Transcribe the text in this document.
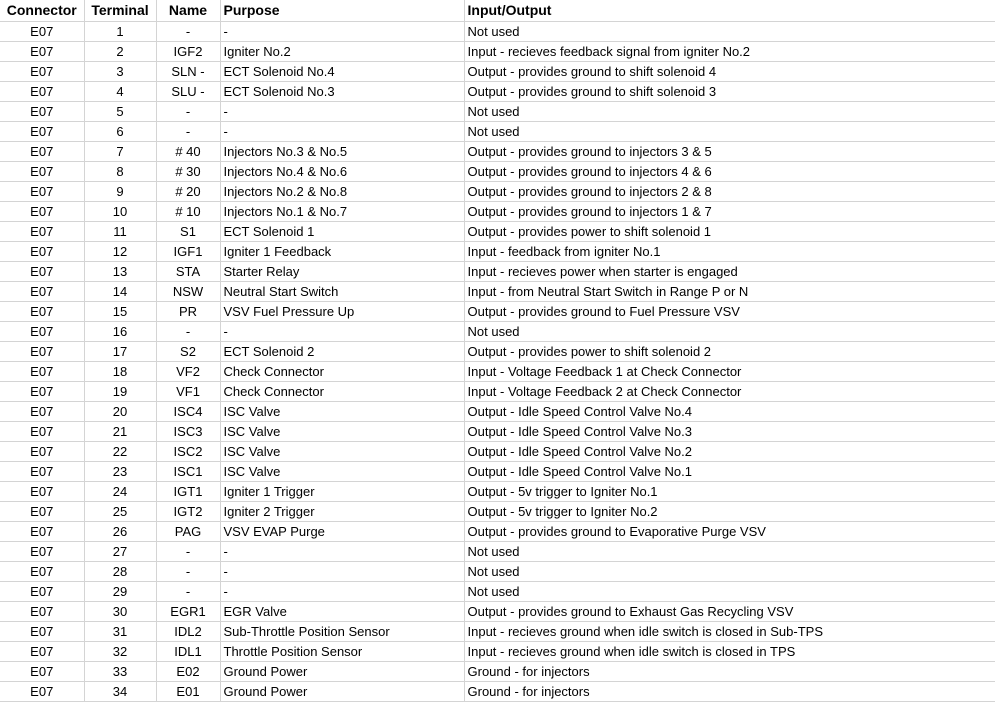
Connector	Terminal	Name	Purpose	Input/Output
E07	1	-	-	Not used
E07	2	IGF2	Igniter No.2	Input - recieves feedback signal from igniter No.2
E07	3	SLN -	ECT Solenoid No.4	Output - provides ground to shift solenoid 4
E07	4	SLU -	ECT Solenoid No.3	Output - provides ground to shift solenoid 3
E07	5	-	-	Not used
E07	6	-	-	Not used
E07	7	# 40	Injectors No.3 & No.5	Output - provides ground to injectors 3 & 5
E07	8	# 30	Injectors No.4 & No.6	Output - provides ground to injectors 4 & 6
E07	9	# 20	Injectors No.2 & No.8	Output - provides ground to injectors 2 & 8
E07	10	# 10	Injectors No.1 & No.7	Output - provides ground to injectors 1 & 7
E07	11	S1	ECT Solenoid 1	Output - provides power to shift solenoid 1
E07	12	IGF1	Igniter 1 Feedback	Input - feedback from igniter No.1
E07	13	STA	Starter Relay	Input - recieves power when starter is engaged
E07	14	NSW	Neutral Start Switch	Input - from Neutral Start Switch in Range P or N
E07	15	PR	VSV Fuel Pressure Up	Output - provides ground to Fuel Pressure VSV
E07	16	-	-	Not used
E07	17	S2	ECT Solenoid 2	Output - provides power to shift solenoid 2
E07	18	VF2	Check Connector	Input - Voltage Feedback 1 at Check Connector
E07	19	VF1	Check Connector	Input - Voltage Feedback 2 at Check Connector
E07	20	ISC4	ISC Valve	Output - Idle Speed Control Valve No.4
E07	21	ISC3	ISC Valve	Output - Idle Speed Control Valve No.3
E07	22	ISC2	ISC Valve	Output - Idle Speed Control Valve No.2
E07	23	ISC1	ISC Valve	Output - Idle Speed Control Valve No.1
E07	24	IGT1	Igniter 1 Trigger	Output - 5v trigger to Igniter No.1
E07	25	IGT2	Igniter 2 Trigger	Output - 5v trigger to Igniter No.2
E07	26	PAG	VSV EVAP Purge	Output - provides ground to Evaporative Purge VSV
E07	27	-	-	Not used
E07	28	-	-	Not used
E07	29	-	-	Not used
E07	30	EGR1	EGR Valve	Output - provides ground to Exhaust Gas Recycling VSV
E07	31	IDL2	Sub-Throttle Position Sensor	Input - recieves ground when idle switch is closed in Sub-TPS
E07	32	IDL1	Throttle Position Sensor	Input - recieves ground when idle switch is closed in TPS
E07	33	E02	Ground Power	Ground - for injectors
E07	34	E01	Ground Power	Ground - for injectors
